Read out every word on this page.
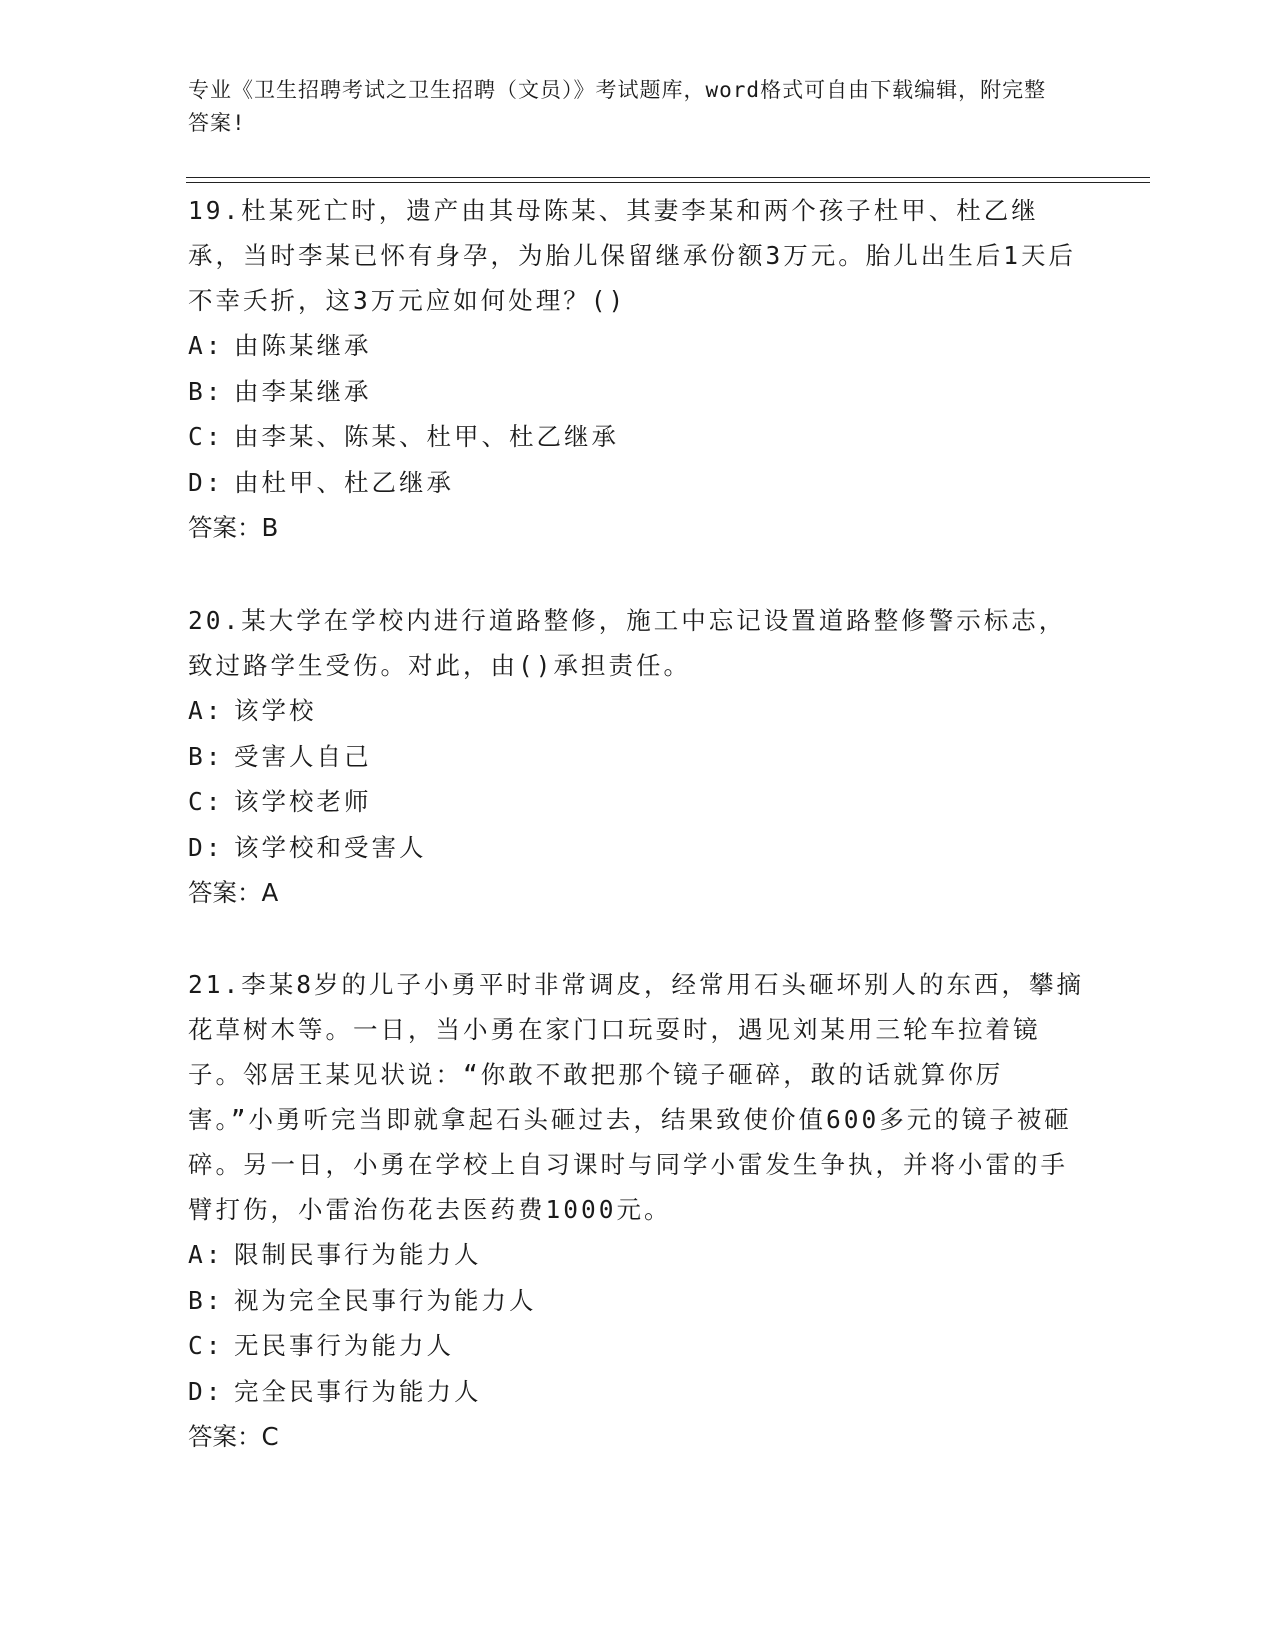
专业《卫生招聘考试之卫生招聘（文员）》考试题库，word格式可自由下载编辑，附完整答案!

19.杜某死亡时，遗产由其母陈某、其妻李某和两个孩子杜甲、杜乙继承，当时李某已怀有身孕，为胎儿保留继承份额3万元。胎儿出生后1天后不幸夭折，这3万元应如何处理？()

A: 由陈某继承

B: 由李某继承

C: 由李某、陈某、杜甲、杜乙继承

D: 由杜甲、杜乙继承

答案：B

20.某大学在学校内进行道路整修，施工中忘记设置道路整修警示标志，致过路学生受伤。对此，由()承担责任。

A: 该学校

B: 受害人自己

C: 该学校老师

D: 该学校和受害人

答案：A

21.李某8岁的儿子小勇平时非常调皮，经常用石头砸坏别人的东西，攀摘花草树木等。一日，当小勇在家门口玩耍时，遇见刘某用三轮车拉着镜子。邻居王某见状说：“你敢不敢把那个镜子砸碎，敢的话就算你厉害。”小勇听完当即就拿起石头砸过去，结果致使价值600多元的镜子被砸碎。另一日，小勇在学校上自习课时与同学小雷发生争执，并将小雷的手臂打伤，小雷治伤花去医药费1000元。

A: 限制民事行为能力人

B: 视为完全民事行为能力人

C: 无民事行为能力人

D: 完全民事行为能力人

答案：C
